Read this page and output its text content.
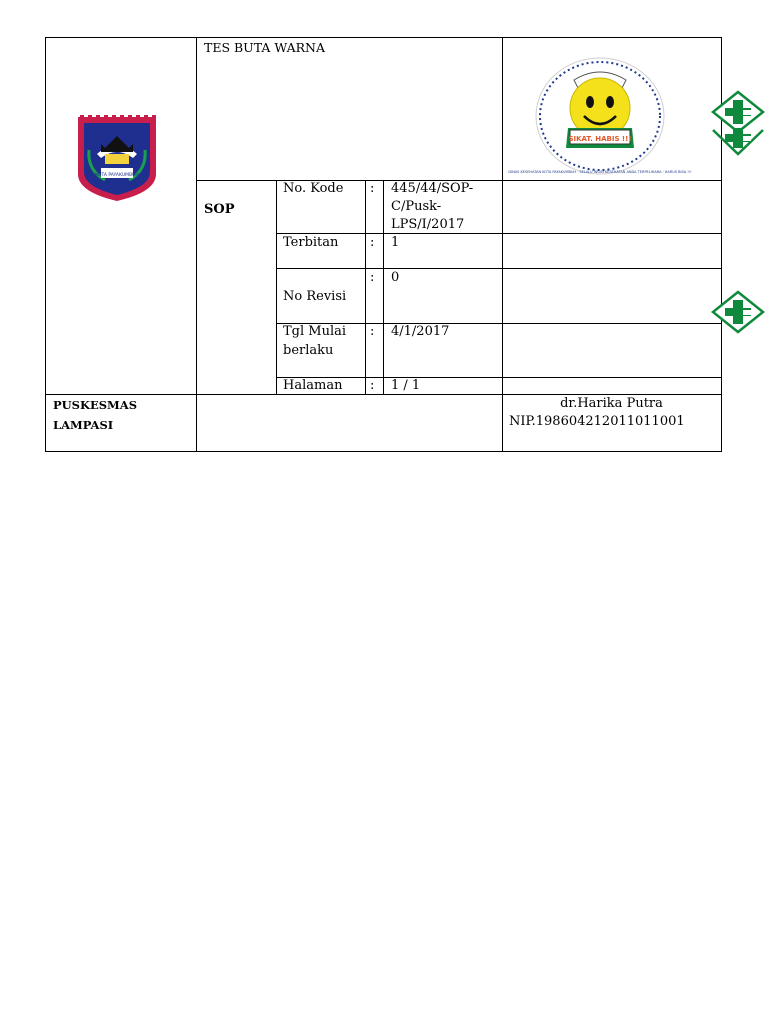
TES BUTA WARNA
SOP
No. Kode : 445/44/SOP-
C/Pusk-
LPS/I/2017
Terbitan : 1
No Revisi
: 0
Tgl Mulai
berlaku
: 4/1/2017
Halaman : 1 / 1
PUSKESMAS
LAMPASI
dr.Harika Putra
NIP.198604212011011001
KOTA PAYAKUMBUH
SIKAT. HABIS !!!
DINAS KESEHATAN KOTA PAYAKUMBUH · SELALU INGIN KESEHATAN ANDA TERPELIHARA · HARUS BISA !!!
